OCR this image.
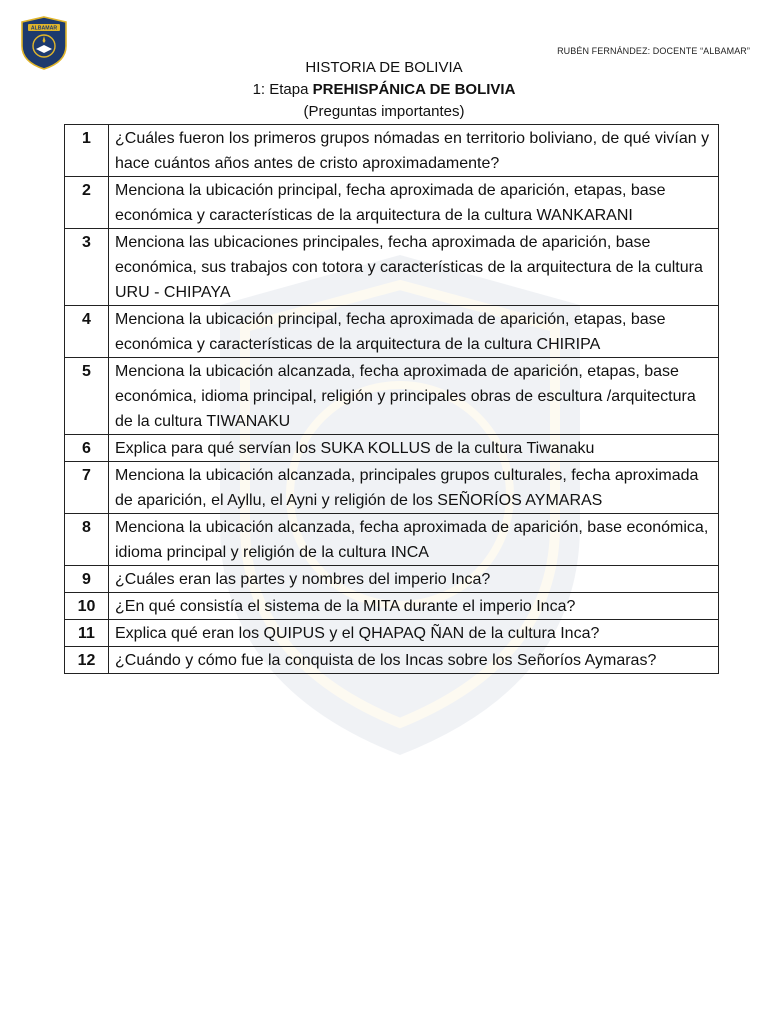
ALBAMAR
RUBÉN FERNÁNDEZ: DOCENTE “ALBAMAR”
HISTORIA DE BOLIVIA
1: Etapa PREHISPÁNICA DE BOLIVIA
(Preguntas importantes)
1	¿Cuáles fueron los primeros grupos nómadas en territorio boliviano, de qué vivían y hace cuántos años antes de cristo aproximadamente?
2	Menciona la ubicación principal, fecha aproximada de aparición, etapas, base económica y características de la arquitectura de la cultura WANKARANI
3	Menciona las ubicaciones principales, fecha aproximada de aparición, base económica, sus trabajos con totora y características de la arquitectura de la cultura URU - CHIPAYA
4	Menciona la ubicación principal, fecha aproximada de aparición, etapas, base económica y características de la arquitectura de la cultura CHIRIPA
5	Menciona la ubicación alcanzada, fecha aproximada de aparición, etapas, base económica, idioma principal, religión y principales obras de escultura /arquitectura de la cultura TIWANAKU
6	Explica para qué servían los SUKA KOLLUS de la cultura Tiwanaku
7	Menciona la ubicación alcanzada, principales grupos culturales, fecha aproximada de aparición, el Ayllu, el Ayni y religión de los SEÑORÍOS AYMARAS
8	Menciona la ubicación alcanzada, fecha aproximada de aparición, base económica, idioma principal y religión de la cultura INCA
9	¿Cuáles eran las partes y nombres del imperio Inca?
10	¿En qué consistía el sistema de la MITA durante el imperio Inca?
11	Explica qué eran los QUIPUS y el QHAPAQ ÑAN de la cultura Inca?
12	¿Cuándo y cómo fue la conquista de los Incas sobre los Señoríos Aymaras?
